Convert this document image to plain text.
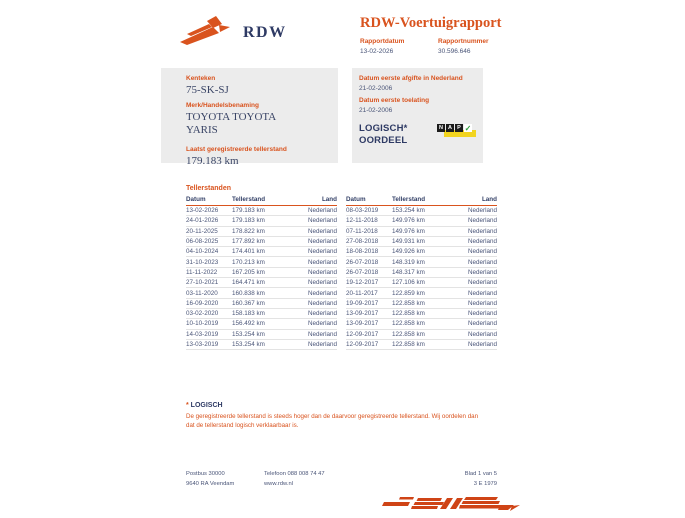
RDW
RDW-Voertuigrapport
Rapportdatum
13-02-2026
Rapportnummer
30.596.646
Kenteken
75-SK-SJ
Merk/Handelsbenaming
TOYOTA TOYOTA YARIS
Laatst geregistreerde tellerstand
179.183 km
Datum eerste afgifte in Nederland
21-02-2006
Datum eerste toelating
21-02-2006
LOGISCH*
OORDEEL
N A P ✓
Tellerstanden
Datum	Tellerstand	Land
13-02-2026	179.183 km	Nederland
24-01-2026	179.183 km	Nederland
20-11-2025	178.822 km	Nederland
06-08-2025	177.892 km	Nederland
04-10-2024	174.401 km	Nederland
31-10-2023	170.213 km	Nederland
11-11-2022	167.205 km	Nederland
27-10-2021	164.471 km	Nederland
03-11-2020	160.838 km	Nederland
16-09-2020	160.367 km	Nederland
03-02-2020	158.183 km	Nederland
10-10-2019	156.492 km	Nederland
14-03-2019	153.254 km	Nederland
13-03-2019	153.254 km	Nederland
Datum	Tellerstand	Land
08-03-2019	153.254 km	Nederland
12-11-2018	149.976 km	Nederland
07-11-2018	149.976 km	Nederland
27-08-2018	149.931 km	Nederland
18-08-2018	149.926 km	Nederland
26-07-2018	148.319 km	Nederland
26-07-2018	148.317 km	Nederland
19-12-2017	127.106 km	Nederland
20-11-2017	122.859 km	Nederland
19-09-2017	122.858 km	Nederland
13-09-2017	122.858 km	Nederland
13-09-2017	122.858 km	Nederland
12-09-2017	122.858 km	Nederland
12-09-2017	122.858 km	Nederland
* LOGISCH
De geregistreerde tellerstand is steeds hoger dan de daarvoor geregistreerde tellerstand. Wij oordelen dan dat de tellerstand logisch verklaarbaar is.
Postbus 30000
9640 RA Veendam
Telefoon 088 008 74 47
www.rdw.nl
Blad 1 van 5
3 E 1979
